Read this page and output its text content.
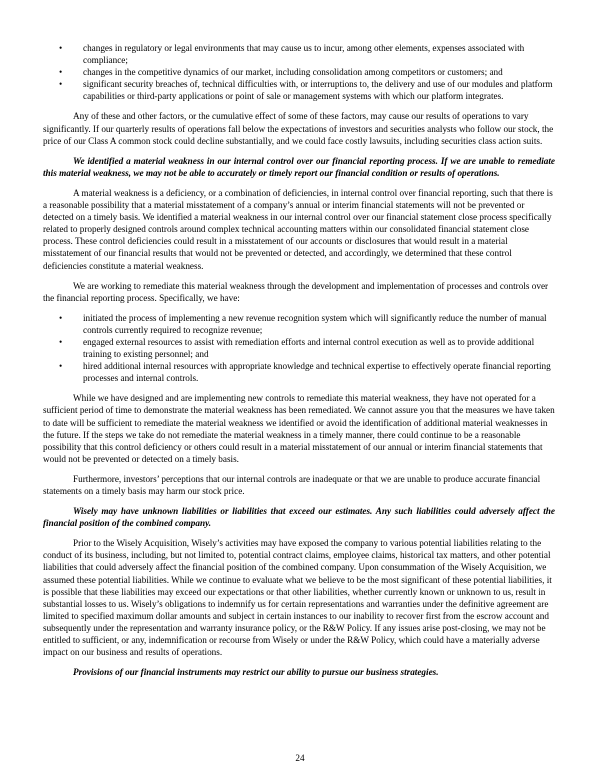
•	changes in regulatory or legal environments that may cause us to incur, among other elements, expenses associated with compliance;
•	changes in the competitive dynamics of our market, including consolidation among competitors or customers; and
•	significant security breaches of, technical difficulties with, or interruptions to, the delivery and use of our modules and platform capabilities or third-party applications or point of sale or management systems with which our platform integrates.

Any of these and other factors, or the cumulative effect of some of these factors, may cause our results of operations to vary significantly. If our quarterly results of operations fall below the expectations of investors and securities analysts who follow our stock, the price of our Class A common stock could decline substantially, and we could face costly lawsuits, including securities class action suits.

We identified a material weakness in our internal control over our financial reporting process. If we are unable to remediate this material weakness, we may not be able to accurately or timely report our financial condition or results of operations.

A material weakness is a deficiency, or a combination of deficiencies, in internal control over financial reporting, such that there is a reasonable possibility that a material misstatement of a company’s annual or interim financial statements will not be prevented or detected on a timely basis. We identified a material weakness in our internal control over our financial statement close process specifically related to properly designed controls around complex technical accounting matters within our consolidated financial statement close process. These control deficiencies could result in a misstatement of our accounts or disclosures that would result in a material misstatement of our financial results that would not be prevented or detected, and accordingly, we determined that these control deficiencies constitute a material weakness.

We are working to remediate this material weakness through the development and implementation of processes and controls over the financial reporting process. Specifically, we have:

•	initiated the process of implementing a new revenue recognition system which will significantly reduce the number of manual controls currently required to recognize revenue;
•	engaged external resources to assist with remediation efforts and internal control execution as well as to provide additional training to existing personnel; and
•	hired additional internal resources with appropriate knowledge and technical expertise to effectively operate financial reporting processes and internal controls.

While we have designed and are implementing new controls to remediate this material weakness, they have not operated for a sufficient period of time to demonstrate the material weakness has been remediated. We cannot assure you that the measures we have taken to date will be sufficient to remediate the material weakness we identified or avoid the identification of additional material weaknesses in the future. If the steps we take do not remediate the material weakness in a timely manner, there could continue to be a reasonable possibility that this control deficiency or others could result in a material misstatement of our annual or interim financial statements that would not be prevented or detected on a timely basis.

Furthermore, investors’ perceptions that our internal controls are inadequate or that we are unable to produce accurate financial statements on a timely basis may harm our stock price.

Wisely may have unknown liabilities or liabilities that exceed our estimates. Any such liabilities could adversely affect the financial position of the combined company.

Prior to the Wisely Acquisition, Wisely’s activities may have exposed the company to various potential liabilities relating to the conduct of its business, including, but not limited to, potential contract claims, employee claims, historical tax matters, and other potential liabilities that could adversely affect the financial position of the combined company. Upon consummation of the Wisely Acquisition, we assumed these potential liabilities. While we continue to evaluate what we believe to be the most significant of these potential liabilities, it is possible that these liabilities may exceed our expectations or that other liabilities, whether currently known or unknown to us, result in substantial losses to us. Wisely’s obligations to indemnify us for certain representations and warranties under the definitive agreement are limited to specified maximum dollar amounts and subject in certain instances to our inability to recover first from the escrow account and subsequently under the representation and warranty insurance policy, or the R&W Policy. If any issues arise post-closing, we may not be entitled to sufficient, or any, indemnification or recourse from Wisely or under the R&W Policy, which could have a materially adverse impact on our business and results of operations.

Provisions of our financial instruments may restrict our ability to pursue our business strategies.

24
